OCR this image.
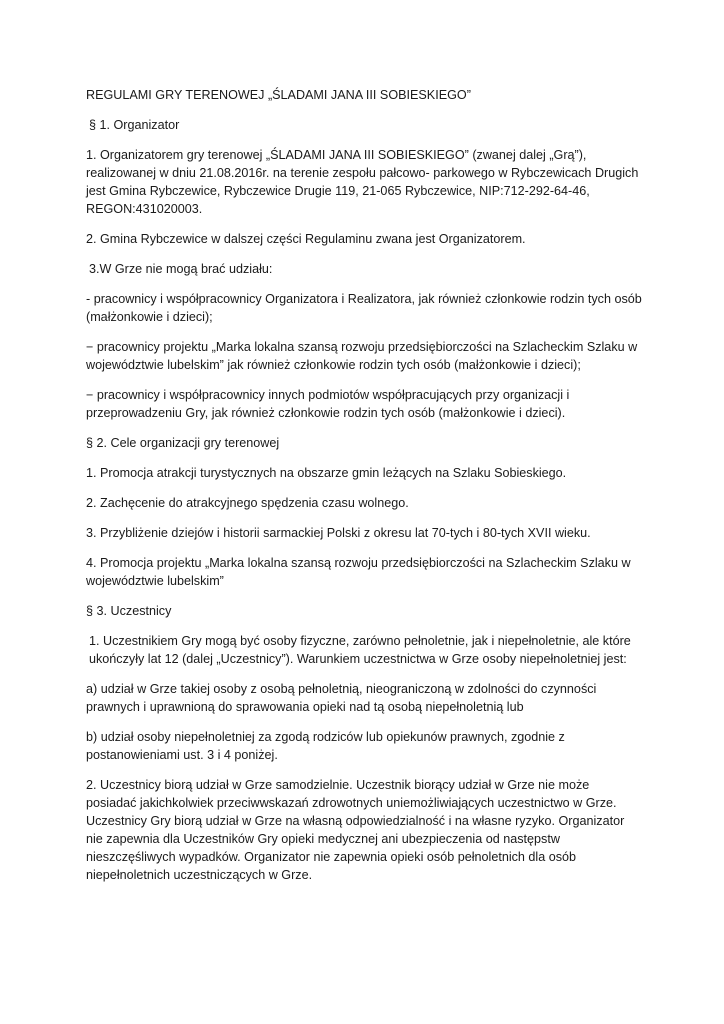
REGULAMI GRY TERENOWEJ „ŚLADAMI JANA III SOBIESKIEGO”

§ 1. Organizator

1. Organizatorem gry terenowej „ŚLADAMI JANA III SOBIESKIEGO” (zwanej dalej „Grą”), realizowanej w dniu 21.08.2016r. na terenie zespołu pałcowo- parkowego w Rybczewicach Drugich jest Gmina Rybczewice, Rybczewice Drugie 119, 21-065 Rybczewice, NIP:712-292-64-46, REGON:431020003.

2. Gmina Rybczewice w dalszej części Regulaminu zwana jest Organizatorem.

3.W Grze nie mogą brać udziału:

- pracownicy i współpracownicy Organizatora i Realizatora, jak również członkowie rodzin tych osób (małżonkowie i dzieci);

− pracownicy projektu „Marka lokalna szansą rozwoju przedsiębiorczości na Szlacheckim Szlaku w województwie lubelskim” jak również członkowie rodzin tych osób (małżonkowie i dzieci);

− pracownicy i współpracownicy innych podmiotów współpracujących przy organizacji i przeprowadzeniu Gry, jak również członkowie rodzin tych osób (małżonkowie i dzieci).

§ 2. Cele organizacji gry terenowej

1. Promocja atrakcji turystycznych na obszarze gmin leżących na Szlaku Sobieskiego.

2. Zachęcenie do atrakcyjnego spędzenia czasu wolnego.

3. Przybliżenie dziejów i historii sarmackiej Polski z okresu lat 70-tych i 80-tych XVII wieku.

4. Promocja projektu „Marka lokalna szansą rozwoju przedsiębiorczości na Szlacheckim Szlaku w województwie lubelskim”

§ 3. Uczestnicy

1. Uczestnikiem Gry mogą być osoby fizyczne, zarówno pełnoletnie, jak i niepełnoletnie, ale które ukończyły lat 12 (dalej „Uczestnicy”). Warunkiem uczestnictwa w Grze osoby niepełnoletniej jest:

a) udział w Grze takiej osoby z osobą pełnoletnią, nieograniczoną w zdolności do czynności prawnych i uprawnioną do sprawowania opieki nad tą osobą niepełnoletnią lub

b) udział osoby niepełnoletniej za zgodą rodziców lub opiekunów prawnych, zgodnie z postanowieniami ust. 3 i 4 poniżej.

2. Uczestnicy biorą udział w Grze samodzielnie. Uczestnik biorący udział w Grze nie może posiadać jakichkolwiek przeciwwskazań zdrowotnych uniemożliwiających uczestnictwo w Grze. Uczestnicy Gry biorą udział w Grze na własną odpowiedzialność i na własne ryzyko. Organizator nie zapewnia dla Uczestników Gry opieki medycznej ani ubezpieczenia od następstw nieszczęśliwych wypadków. Organizator nie zapewnia opieki osób pełnoletnich dla osób niepełnoletnich uczestniczących w Grze.
